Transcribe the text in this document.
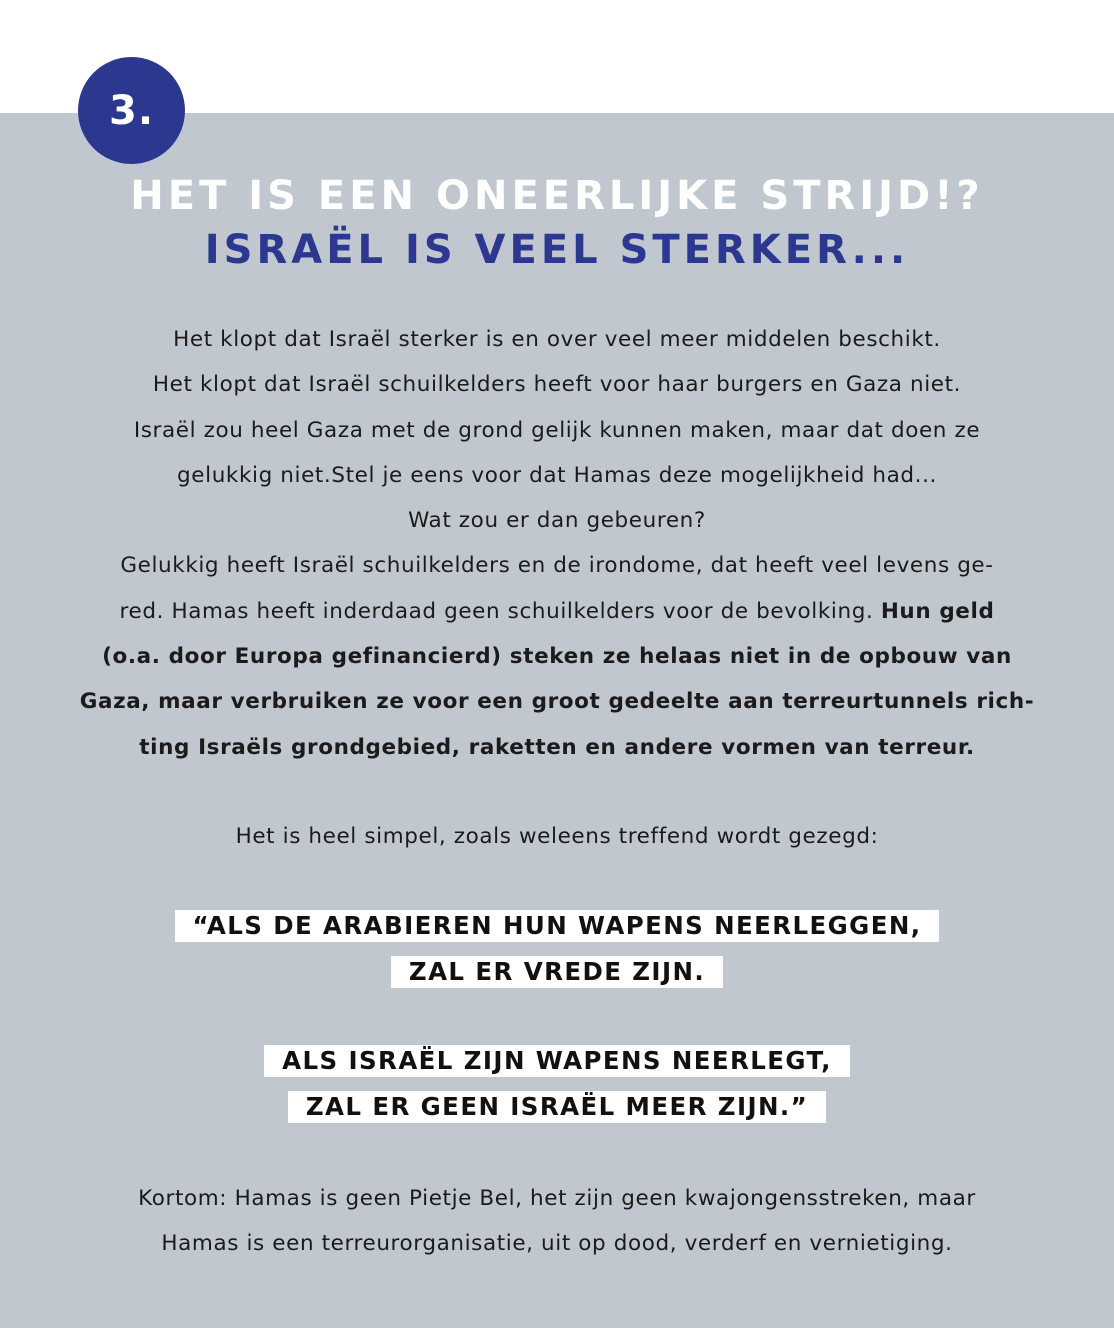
3.
HET IS EEN ONEERLIJKE STRIJD!?
ISRAËL IS VEEL STERKER...
Het klopt dat Israël sterker is en over veel meer middelen beschikt.
Het klopt dat Israël schuilkelders heeft voor haar burgers en Gaza niet.
Israël zou heel Gaza met de grond gelijk kunnen maken, maar dat doen ze
gelukkig niet.Stel je eens voor dat Hamas deze mogelijkheid had...
Wat zou er dan gebeuren?
Gelukkig heeft Israël schuilkelders en de irondome, dat heeft veel levens ge-
red. Hamas heeft inderdaad geen schuilkelders voor de bevolking. Hun geld
(o.a. door Europa gefinancierd) steken ze helaas niet in de opbouw van
Gaza, maar verbruiken ze voor een groot gedeelte aan terreurtunnels rich-
ting Israëls grondgebied, raketten en andere vormen van terreur.
Het is heel simpel, zoals weleens treffend wordt gezegd:
“ALS DE ARABIEREN HUN WAPENS NEERLEGGEN,
ZAL ER VREDE ZIJN.
ALS ISRAËL ZIJN WAPENS NEERLEGT,
ZAL ER GEEN ISRAËL MEER ZIJN.”
Kortom: Hamas is geen Pietje Bel, het zijn geen kwajongensstreken, maar
Hamas is een terreurorganisatie, uit op dood, verderf en vernietiging.
